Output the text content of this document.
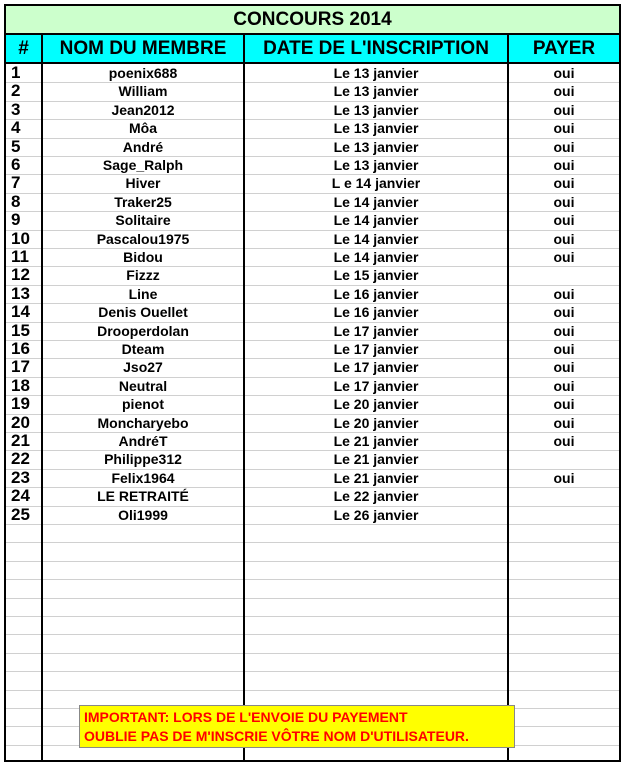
CONCOURS 2014
#	NOM DU MEMBRE	DATE DE L'INSCRIPTION	PAYER
1	poenix688	Le 13 janvier	oui
2	William	Le 13 janvier	oui
3	Jean2012	Le 13 janvier	oui
4	Môa	Le 13 janvier	oui
5	André	Le 13 janvier	oui
6	Sage_Ralph	Le 13 janvier	oui
7	Hiver	L e 14 janvier	oui
8	Traker25	Le 14 janvier	oui
9	Solitaire	Le 14 janvier	oui
10	Pascalou1975	Le 14 janvier	oui
11	Bidou	Le 14 janvier	oui
12	Fizzz	Le 15 janvier
13	Line	Le 16 janvier	oui
14	Denis Ouellet	Le 16 janvier	oui
15	Drooperdolan	Le 17 janvier	oui
16	Dteam	Le 17 janvier	oui
17	Jso27	Le 17 janvier	oui
18	Neutral	Le 17 janvier	oui
19	pienot	Le 20 janvier	oui
20	Moncharyebo	Le 20 janvier	oui
21	AndréT	Le 21 janvier	oui
22	Philippe312	Le 21 janvier
23	Felix1964	Le 21 janvier	oui
24	LE RETRAITÉ	Le 22 janvier
25	Oli1999	Le 26 janvier
IMPORTANT: LORS DE L'ENVOIE DU PAYEMENT
OUBLIE PAS DE M'INSCRIE VÔTRE NOM D'UTILISATEUR.
